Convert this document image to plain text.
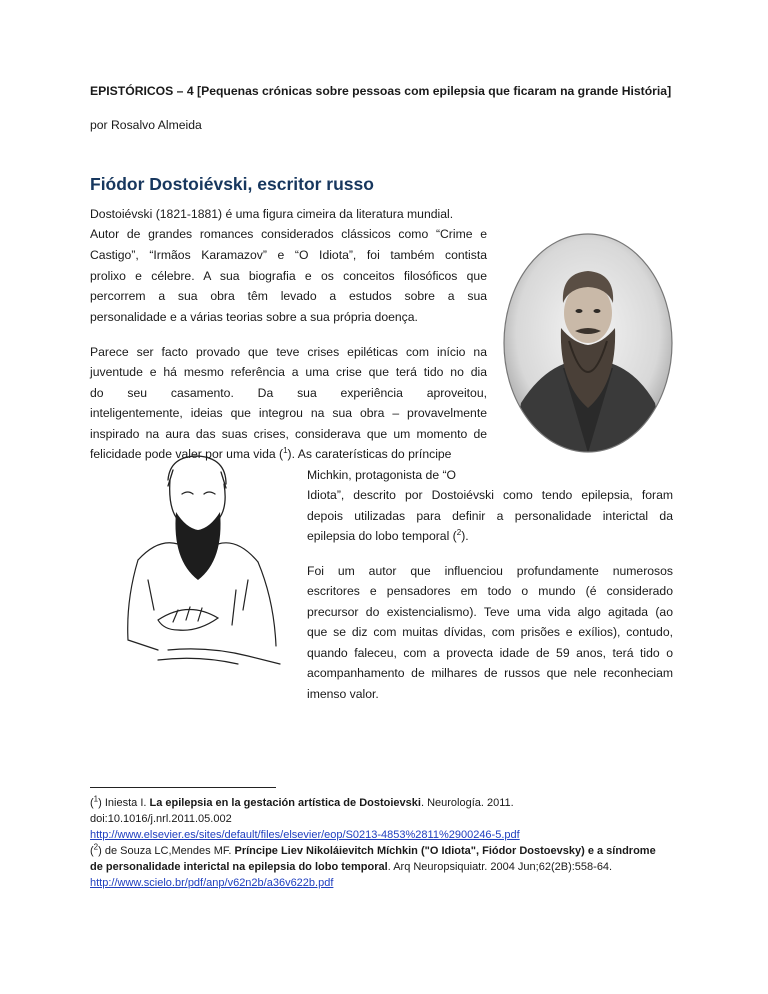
EPISTÓRICOS – 4 [Pequenas crónicas sobre pessoas com epilepsia que ficaram na grande História]
por Rosalvo Almeida
Fiódor Dostoiévski, escritor russo
Dostoiévski (1821-1881) é uma figura cimeira da literatura mundial.
Autor de grandes romances considerados clássicos como “Crime e
Castigo”, “Irmãos Karamazov” e “O Idiota”, foi também contista
prolixo e célebre. A sua biografia e os conceitos filosóficos que
percorrem a sua obra têm levado a estudos sobre a sua
personalidade e a várias teorias sobre a sua própria doença.
Parece ser facto provado que teve crises epiléticas com início na
juventude e há mesmo referência a uma crise que terá tido no dia
do seu casamento. Da sua experiência aproveitou,
inteligentemente, ideias que integrou na sua obra – provavelmente
inspirado na aura das suas crises, considerava que um momento de
felicidade pode valer por uma vida ($^1$). As caraterísticas do príncipe
Michkin, protagonista de “O
Idiota”, descrito por Dostoiévski como tendo epilepsia, foram
depois utilizadas para definir a personalidade interictal da
epilepsia do lobo temporal ($^2$).
Foi um autor que influenciou profundamente numerosos
escritores e pensadores em todo o mundo (é considerado
precursor do existencialismo). Teve uma vida algo agitada (ao
que se diz com muitas dívidas, com prisões e exílios), contudo,
quando faleceu, com a provecta idade de 59 anos, terá tido o
acompanhamento de milhares de russos que nele reconheciam
imenso valor.
($^1$) Iniesta I. La epilepsia en la gestación artística de Dostoievski. Neurología. 2011.
doi:10.1016/j.nrl.2011.05.002
http://www.elsevier.es/sites/default/files/elsevier/eop/S0213-4853%2811%2900246-5.pdf
($^2$) de Souza LC,Mendes MF. Príncipe Liev Nikoláievitch Míchkin ("O Idiota", Fiódor Dostoevsky) e a síndrome
de personalidade interictal na epilepsia do lobo temporal. Arq Neuropsiquiatr. 2004 Jun;62(2B):558-64.
http://www.scielo.br/pdf/anp/v62n2b/a36v622b.pdf
